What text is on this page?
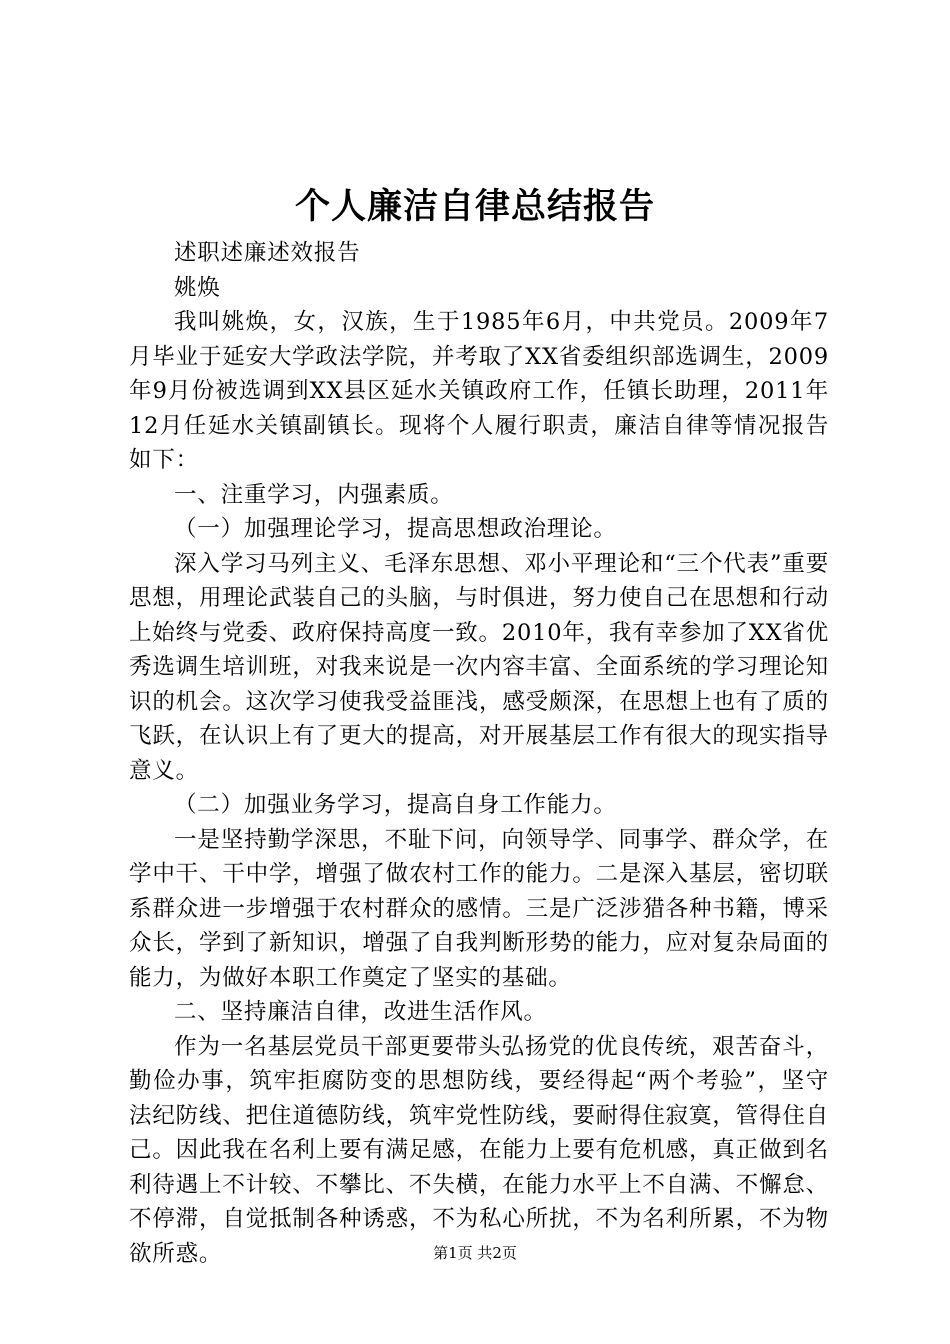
个人廉洁自律总结报告

述职述廉述效报告

姚焕

我叫姚焕，女，汉族，生于1985年6月，中共党员。2009年7月毕业于延安大学政法学院，并考取了XX省委组织部选调生，2009年9月份被选调到XX县区延水关镇政府工作，任镇长助理，2011年12月任延水关镇副镇长。现将个人履行职责，廉洁自律等情况报告如下：

一、注重学习，内强素质。

（一）加强理论学习，提高思想政治理论。

深入学习马列主义、毛泽东思想、邓小平理论和“三个代表”重要思想，用理论武装自己的头脑，与时俱进，努力使自己在思想和行动上始终与党委、政府保持高度一致。2010年，我有幸参加了XX省优秀选调生培训班，对我来说是一次内容丰富、全面系统的学习理论知识的机会。这次学习使我受益匪浅，感受颇深，在思想上也有了质的飞跃，在认识上有了更大的提高，对开展基层工作有很大的现实指导意义。

（二）加强业务学习，提高自身工作能力。

一是坚持勤学深思，不耻下问，向领导学、同事学、群众学，在学中干、干中学，增强了做农村工作的能力。二是深入基层，密切联系群众进一步增强于农村群众的感情。三是广泛涉猎各种书籍，博采众长，学到了新知识，增强了自我判断形势的能力，应对复杂局面的能力，为做好本职工作奠定了坚实的基础。

二、坚持廉洁自律，改进生活作风。

作为一名基层党员干部更要带头弘扬党的优良传统，艰苦奋斗，勤俭办事，筑牢拒腐防变的思想防线，要经得起“两个考验”，坚守法纪防线、把住道德防线，筑牢党性防线，要耐得住寂寞，管得住自己。因此我在名利上要有满足感，在能力上要有危机感，真正做到名利待遇上不计较、不攀比、不失横，在能力水平上不自满、不懈怠、不停滞，自觉抵制各种诱惑，不为私心所扰，不为名利所累，不为物欲所惑。	第1页 共2页
